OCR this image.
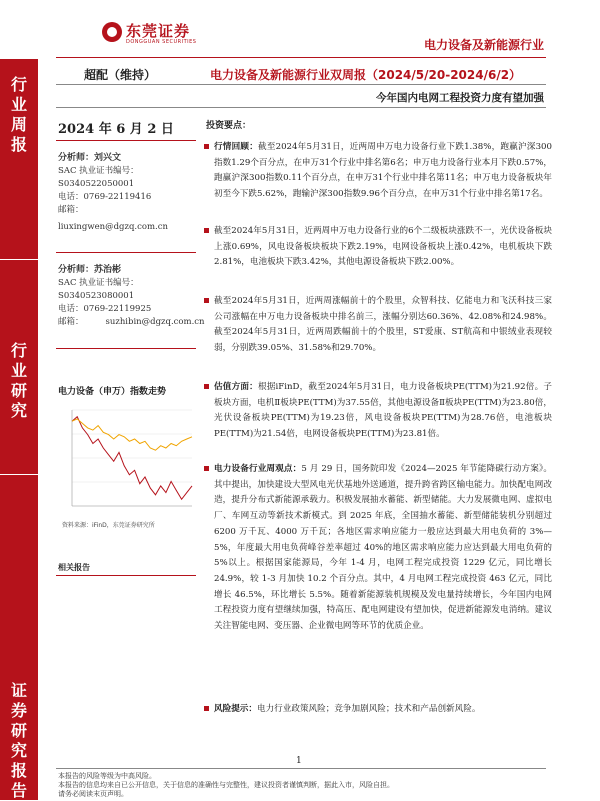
东莞证券
DONGGUAN SECURITIES	电力设备及新能源行业
行业周报
行业研究
证券研究报告
超配（维持）	电力设备及新能源行业双周报（2024/5/20-2024/6/2）
今年国内电网工程投资力度有望加强
2024 年 6 月 2 日
分析师：刘兴文
SAC 执业证书编号：
S0340522050001
电话：0769-22119416
邮箱：
liuxingwen@dgzq.com.cn
分析师：苏治彬
SAC 执业证书编号：
S0340523080001
电话：0769-22119925
邮箱：	suzhibin@dgzq.com.cn
电力设备（申万）指数走势
资料来源：iFinD，东莞证券研究所
相关报告
投资要点：
行情回顾：截至2024年5月31日，近两周申万电力设备行业下跌1.38%，跑赢沪深300指数1.29个百分点，在申万31个行业中排名第6名；申万电力设备行业本月下跌0.57%，跑赢沪深300指数0.11个百分点，在申万31个行业中排名第11名；申万电力设备板块年初至今下跌5.62%，跑输沪深300指数9.96个百分点，在申万31个行业中排名第17名。
截至2024年5月31日，近两周申万电力设备行业的6个二级板块涨跌不一，光伏设备板块上涨0.69%，风电设备板块板块下跌2.19%，电网设备板块上涨0.42%，电机板块下跌2.81%，电池板块下跌3.42%，其他电源设备板块下跌2.00%。
截至2024年5月31日，近两周涨幅前十的个股里，众智科技、亿能电力和飞沃科技三家公司涨幅在申万电力设备板块中排名前三，涨幅分别达60.36%、42.08%和24.98%。截至2024年5月31日，近两周跌幅前十的个股里，ST爱康、ST航高和中银绒业表现较弱，分别跌39.05%、31.58%和29.70%。
估值方面：根据iFinD，截至2024年5月31日，电力设备板块PE(TTM)为21.92倍。子板块方面，电机Ⅱ板块PE(TTM)为37.55倍，其他电源设备Ⅱ板块PE(TTM)为23.80倍，光伏设备板块PE(TTM)为19.23倍，风电设备板块PE(TTM)为28.76倍，电池板块PE(TTM)为21.54倍，电网设备板块PE(TTM)为23.81倍。
电力设备行业周观点：5 月 29 日，国务院印发《2024—2025 年节能降碳行动方案》。其中提出，加快建设大型风电光伏基地外送通道，提升跨省跨区输电能力。加快配电网改造，提升分布式新能源承载力。积极发展抽水蓄能、新型储能。大力发展微电网、虚拟电厂、车网互动等新技术新模式。到 2025 年底，全国抽水蓄能、新型储能装机分别超过 6200 万千瓦、4000 万千瓦；各地区需求响应能力一般应达到最大用电负荷的 3%—5%，年度最大用电负荷峰谷差率超过 40%的地区需求响应能力应达到最大用电负荷的 5%以上。根据国家能源局，今年 1-4 月，电网工程完成投资 1229 亿元，同比增长 24.9%，较 1-3 月加快 10.2 个百分点。其中，4 月电网工程完成投资 463 亿元，同比增长 46.5%，环比增长 5.5%。随着新能源装机规模及发电量持续增长，今年国内电网工程投资力度有望继续加强，特高压、配电网建设有望加快，促进新能源发电消纳。建议关注智能电网、变压器、企业微电网等环节的优质企业。
风险提示：电力行业政策风险；竞争加剧风险；技术和产品创新风险。
1
本报告的风险等级为中高风险。
本报告的信息均来自已公开信息，关于信息的准确性与完整性，建议投资者谨慎判断，据此入市，风险自担。
请务必阅读末页声明。
